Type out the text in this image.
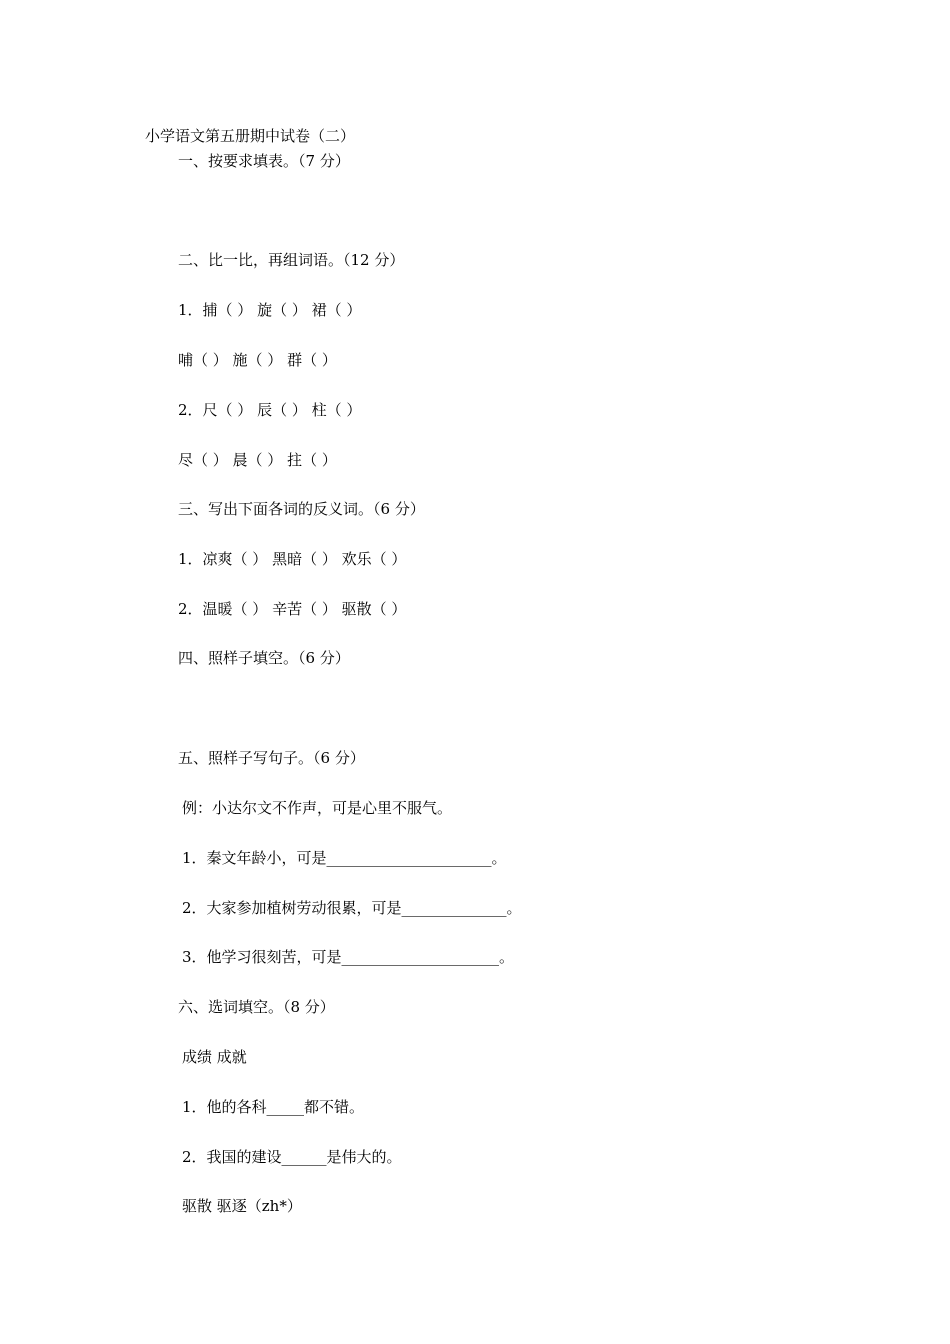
小学语文第五册期中试卷（二）
一、按要求填表。（7 分）
二、比一比，再组词语。（12 分）
1．捕（ ） 旋（ ） 裙（ ）
哺（ ） 施（ ） 群（ ）
2．尺（ ） 辰（ ） 柱（ ）
尽（ ） 晨（ ） 拄（ ）
三、写出下面各词的反义词。（6 分）
1．凉爽（ ） 黑暗（ ） 欢乐（ ）
2．温暖（ ） 辛苦（ ） 驱散（ ）
四、照样子填空。（6 分）
五、照样子写句子。（6 分）
例：小达尔文不作声，可是心里不服气。
1．秦文年龄小，可是______________________。
2．大家参加植树劳动很累，可是______________。
3．他学习很刻苦，可是_____________________。
六、选词填空。（8 分）
成绩 成就
1．他的各科_____都不错。
2．我国的建设______是伟大的。
驱散 驱逐（zh*）
